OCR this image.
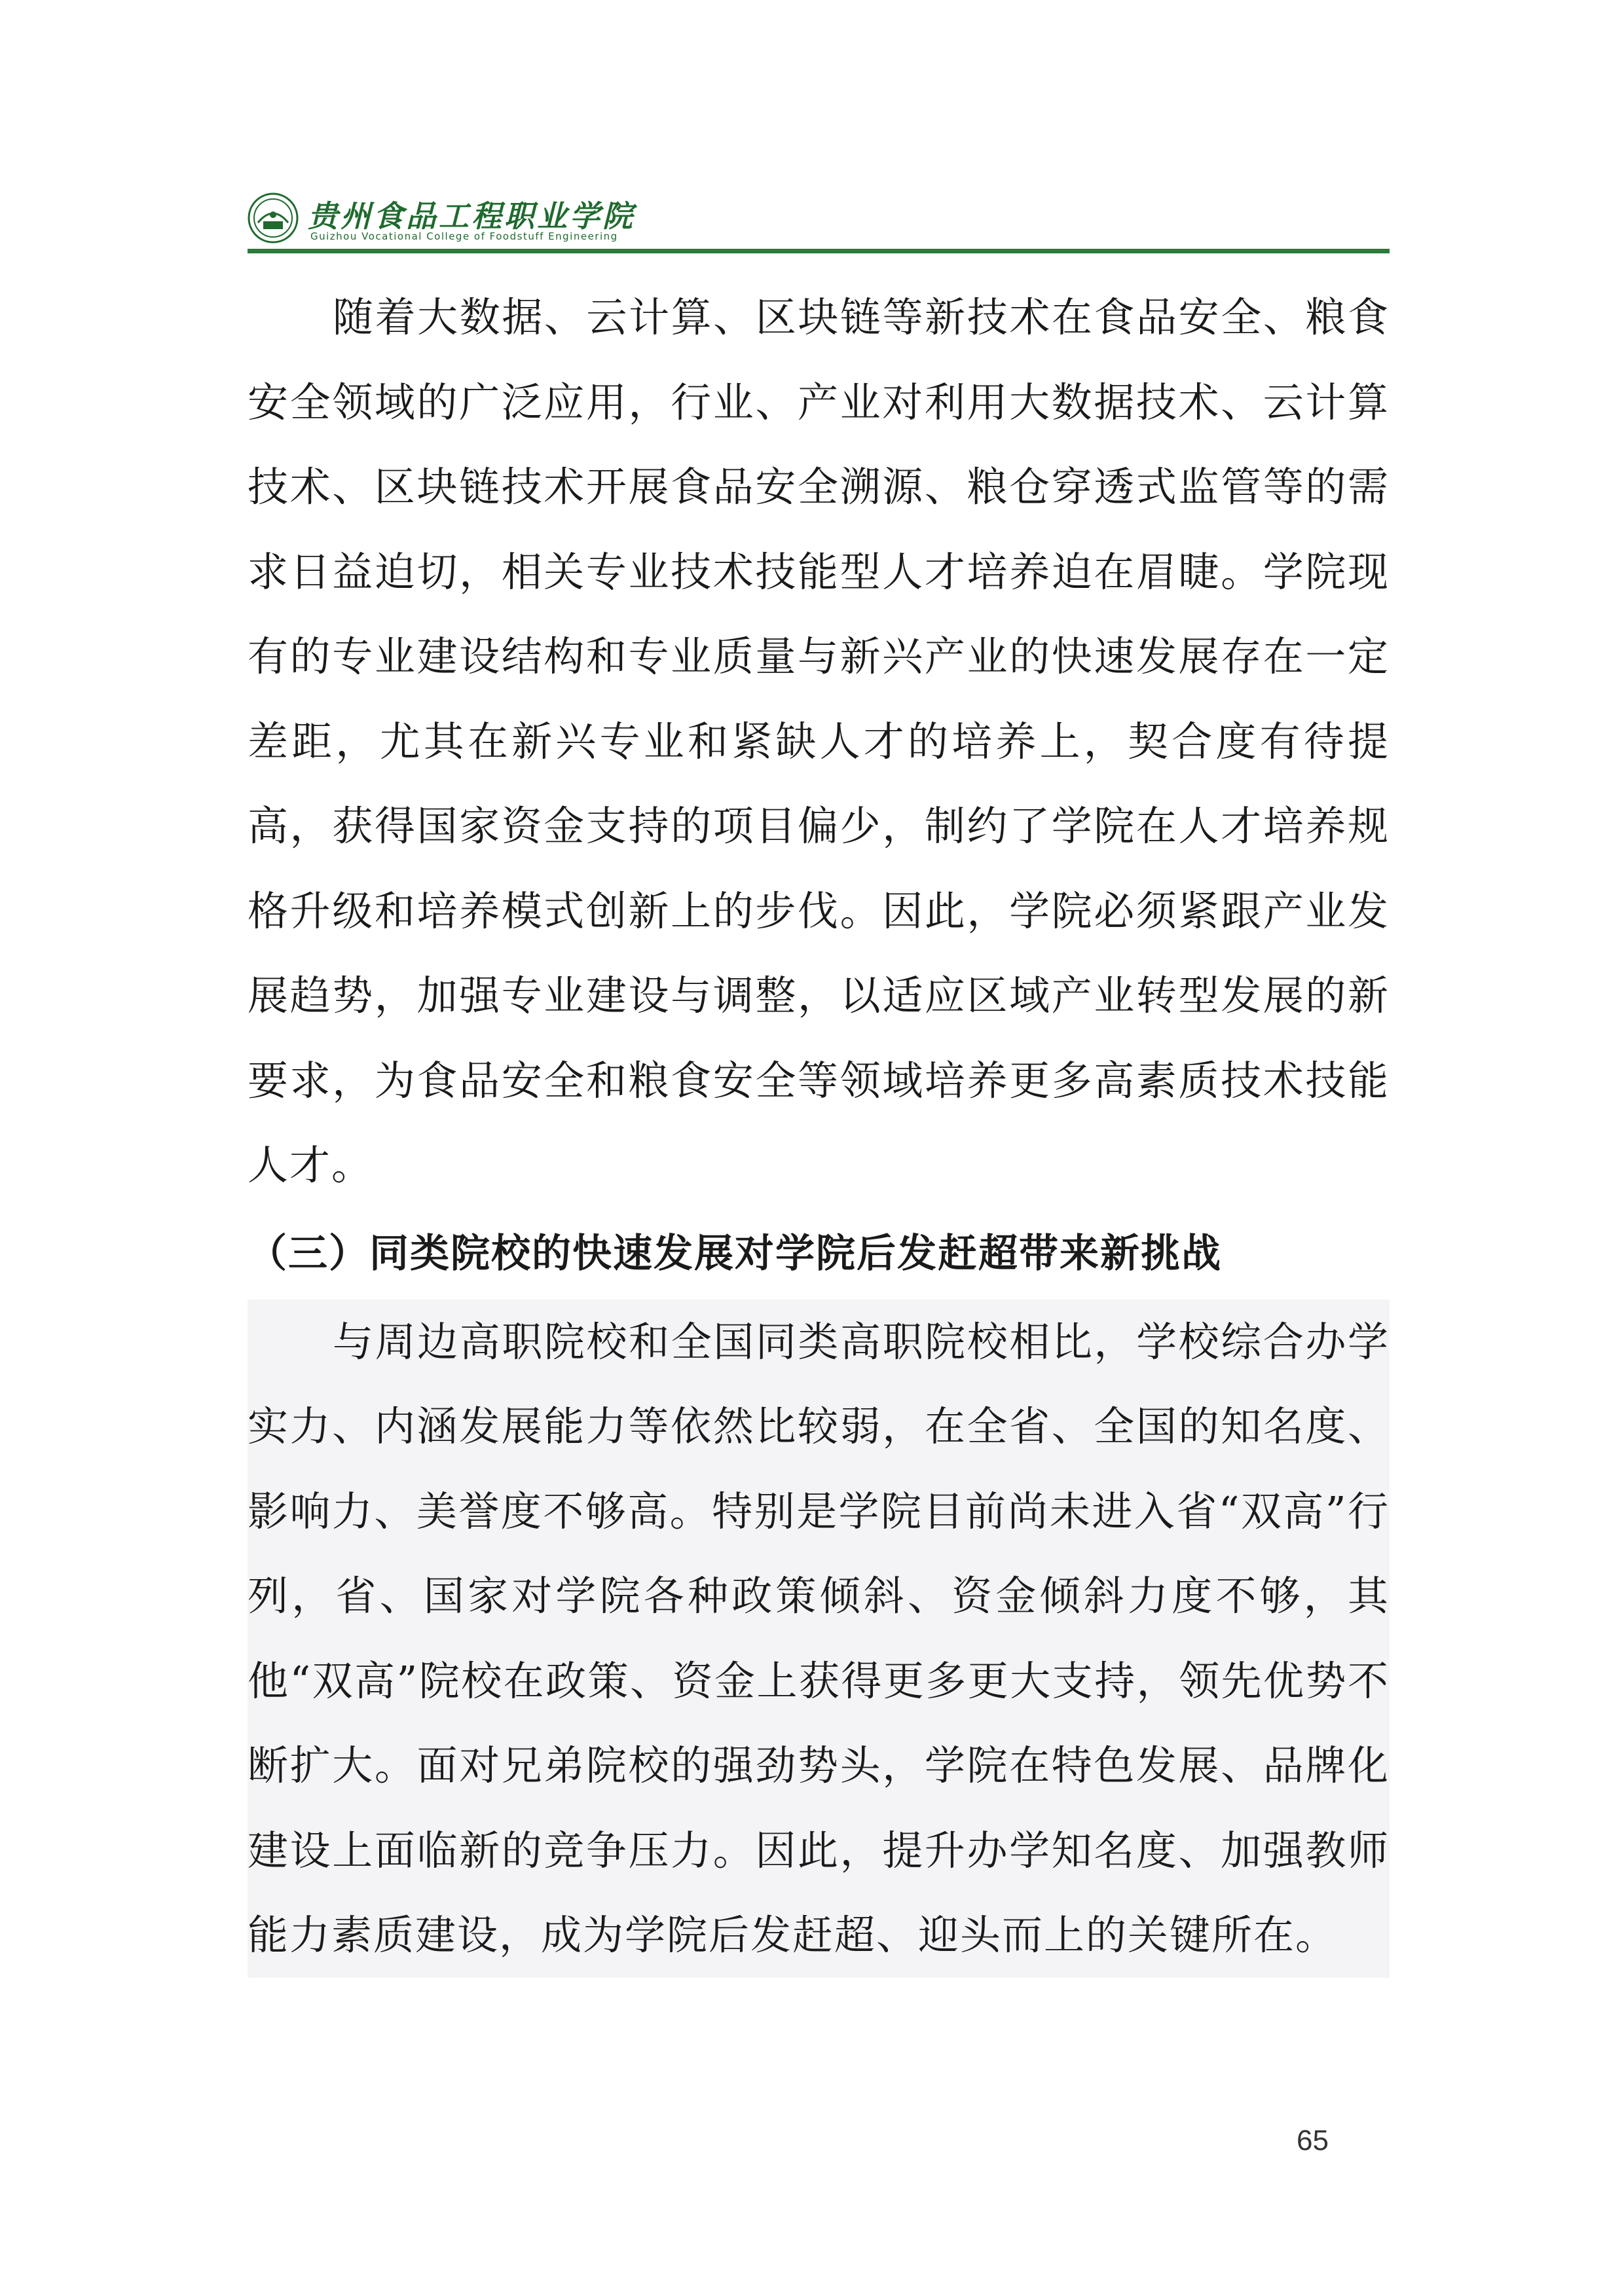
贵州食品工程职业学院
Guizhou Vocational College of Foodstuff Engineering

随着大数据、云计算、区块链等新技术在食品安全、粮食安全领域的广泛应用，行业、产业对利用大数据技术、云计算技术、区块链技术开展食品安全溯源、粮仓穿透式监管等的需求日益迫切，相关专业技术技能型人才培养迫在眉睫。学院现有的专业建设结构和专业质量与新兴产业的快速发展存在一定差距，尤其在新兴专业和紧缺人才的培养上，契合度有待提高，获得国家资金支持的项目偏少，制约了学院在人才培养规格升级和培养模式创新上的步伐。因此，学院必须紧跟产业发展趋势，加强专业建设与调整，以适应区域产业转型发展的新要求，为食品安全和粮食安全等领域培养更多高素质技术技能人才。

（三）同类院校的快速发展对学院后发赶超带来新挑战

与周边高职院校和全国同类高职院校相比，学校综合办学实力、内涵发展能力等依然比较弱，在全省、全国的知名度、影响力、美誉度不够高。特别是学院目前尚未进入省“双高”行列，省、国家对学院各种政策倾斜、资金倾斜力度不够，其他“双高”院校在政策、资金上获得更多更大支持，领先优势不断扩大。面对兄弟院校的强劲势头，学院在特色发展、品牌化建设上面临新的竞争压力。因此，提升办学知名度、加强教师能力素质建设，成为学院后发赶超、迎头而上的关键所在。

65
